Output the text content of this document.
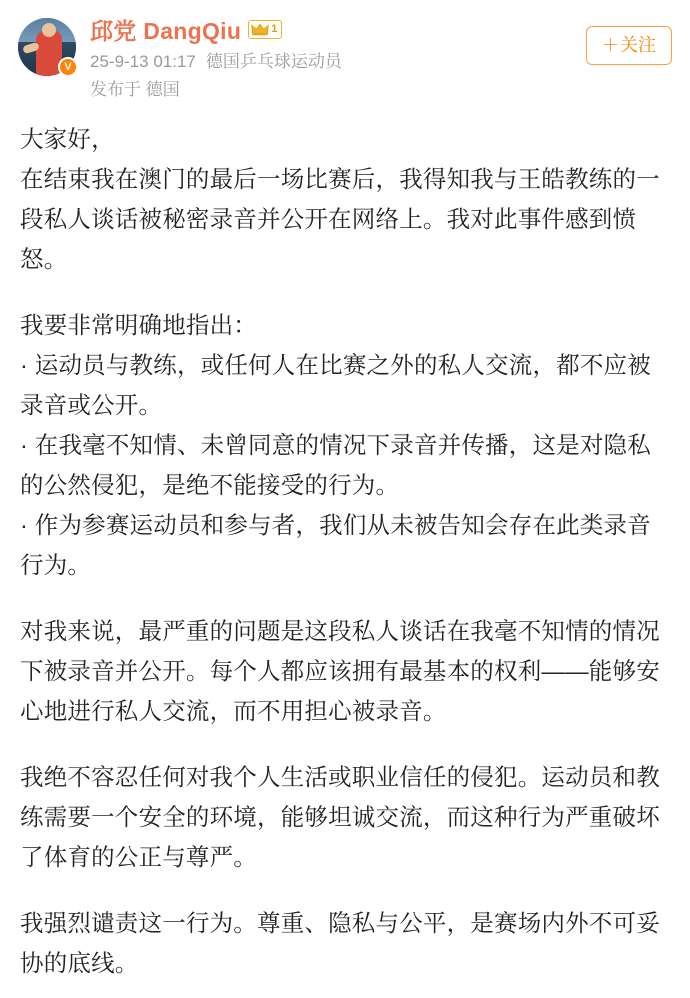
V
邱党 DangQiu	1
25-9-13 01:17 德国乒乓球运动员
发布于 德国
＋关注

大家好，

在结束我在澳门的最后一场比赛后，我得知我与王皓教练的一段私人谈话被秘密录音并公开在网络上。我对此事件感到愤怒。

我要非常明确地指出：

· 运动员与教练，或任何人在比赛之外的私人交流，都不应被录音或公开。

· 在我毫不知情、未曾同意的情况下录音并传播，这是对隐私的公然侵犯，是绝不能接受的行为。

· 作为参赛运动员和参与者，我们从未被告知会存在此类录音行为。

对我来说，最严重的问题是这段私人谈话在我毫不知情的情况下被录音并公开。每个人都应该拥有最基本的权利——能够安心地进行私人交流，而不用担心被录音。

我绝不容忍任何对我个人生活或职业信任的侵犯。运动员和教练需要一个安全的环境，能够坦诚交流，而这种行为严重破坏了体育的公正与尊严。

我强烈谴责这一行为。尊重、隐私与公平，是赛场内外不可妥协的底线。
